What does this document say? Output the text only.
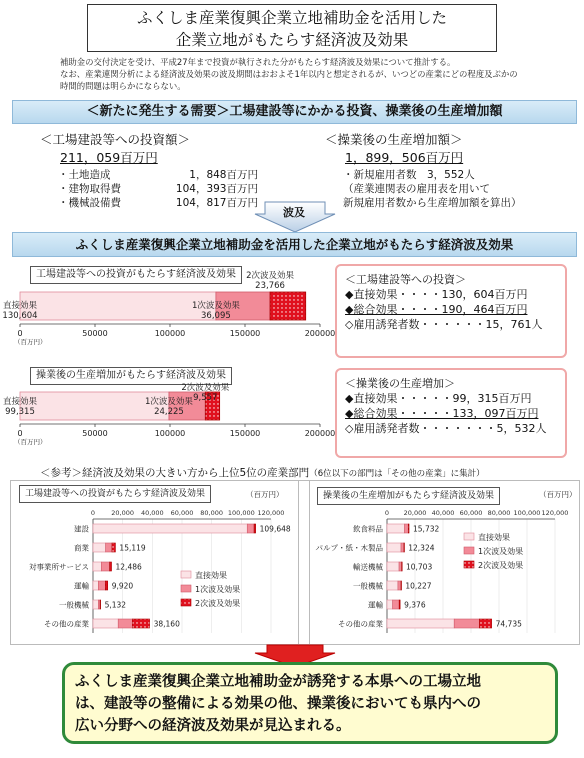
ふくしま産業復興企業立地補助金を活用した
企業立地がもたらす経済波及効果
補助金の交付決定を受け、平成27年まで投資が執行された分がもたらす経済波及効果について推計する。
なお、産業連関分析による経済波及効果の波及期間はおおよそ1年以内と想定されるが、いつどの産業にどの程度及ぶかの
時間的問題は明らかにならない。
＜新たに発生する需要＞工場建設等にかかる投資、操業後の生産増加額
＜工場建設等への投資額＞
211，059百万円
・土地造成	1，848百万円
・建物取得費	104，393百万円
・機械設備費	104，817百万円
＜操業後の生産増加額＞
1，899，506百万円
・新規雇用者数　3，552人
（産業連関表の雇用表を用いて
新規雇用者数から生産増加額を算出）
波及
ふくしま産業復興企業立地補助金を活用した企業立地がもたらす経済波及効果
工場建設等への投資がもたらす経済波及効果
直接効果
130,604
1次波及効果
36,095
2次波及効果
23,766
0	50000	100000	150000	200000
（百万円）
操業後の生産増加がもたらす経済波及効果
直接効果
99,315
1次波及効果
24,225
2次波及効果
9,557
0	50000	100000	150000	200000
（百万円）
＜工場建設等への投資＞
◆直接効果・・・・130，604百万円
◆総合効果・・・・190，464百万円
◇雇用誘発者数・・・・・・15，761人
＜操業後の生産増加＞
◆直接効果・・・・・99，315百万円
◆総合効果・・・・・133，097百万円
◇雇用誘発者数・・・・・・・5，532人
＜参考＞経済波及効果の大きい方から上位5位の産業部門（6位以下の部門は「その他の産業」に集計）
工場建設等への投資がもたらす経済波及効果	（百万円）
0 20,000 40,000 60,000 80,000 100,000 120,000
建設	109,648
商業	15,119
対事業所サービス	12,486
運輸	9,920
一般機械 5,132
その他の産業	38,160
直接効果
1次波及効果
2次波及効果
操業後の生産増加がもたらす経済波及効果	（百万円）
0 20,000 40,000 60,000 80,000 100,000 120,000
飲食料品	15,732
パルプ・紙・木製品	12,324
輸送機械	10,703
一般機械	10,227
運輸	9,376
その他の産業	74,735
直接効果
1次波及効果
2次波及効果
ふくしま産業復興企業立地補助金が誘発する本県への工場立地
は、建設等の整備による効果の他、操業後においても県内への
広い分野への経済波及効果が見込まれる。
